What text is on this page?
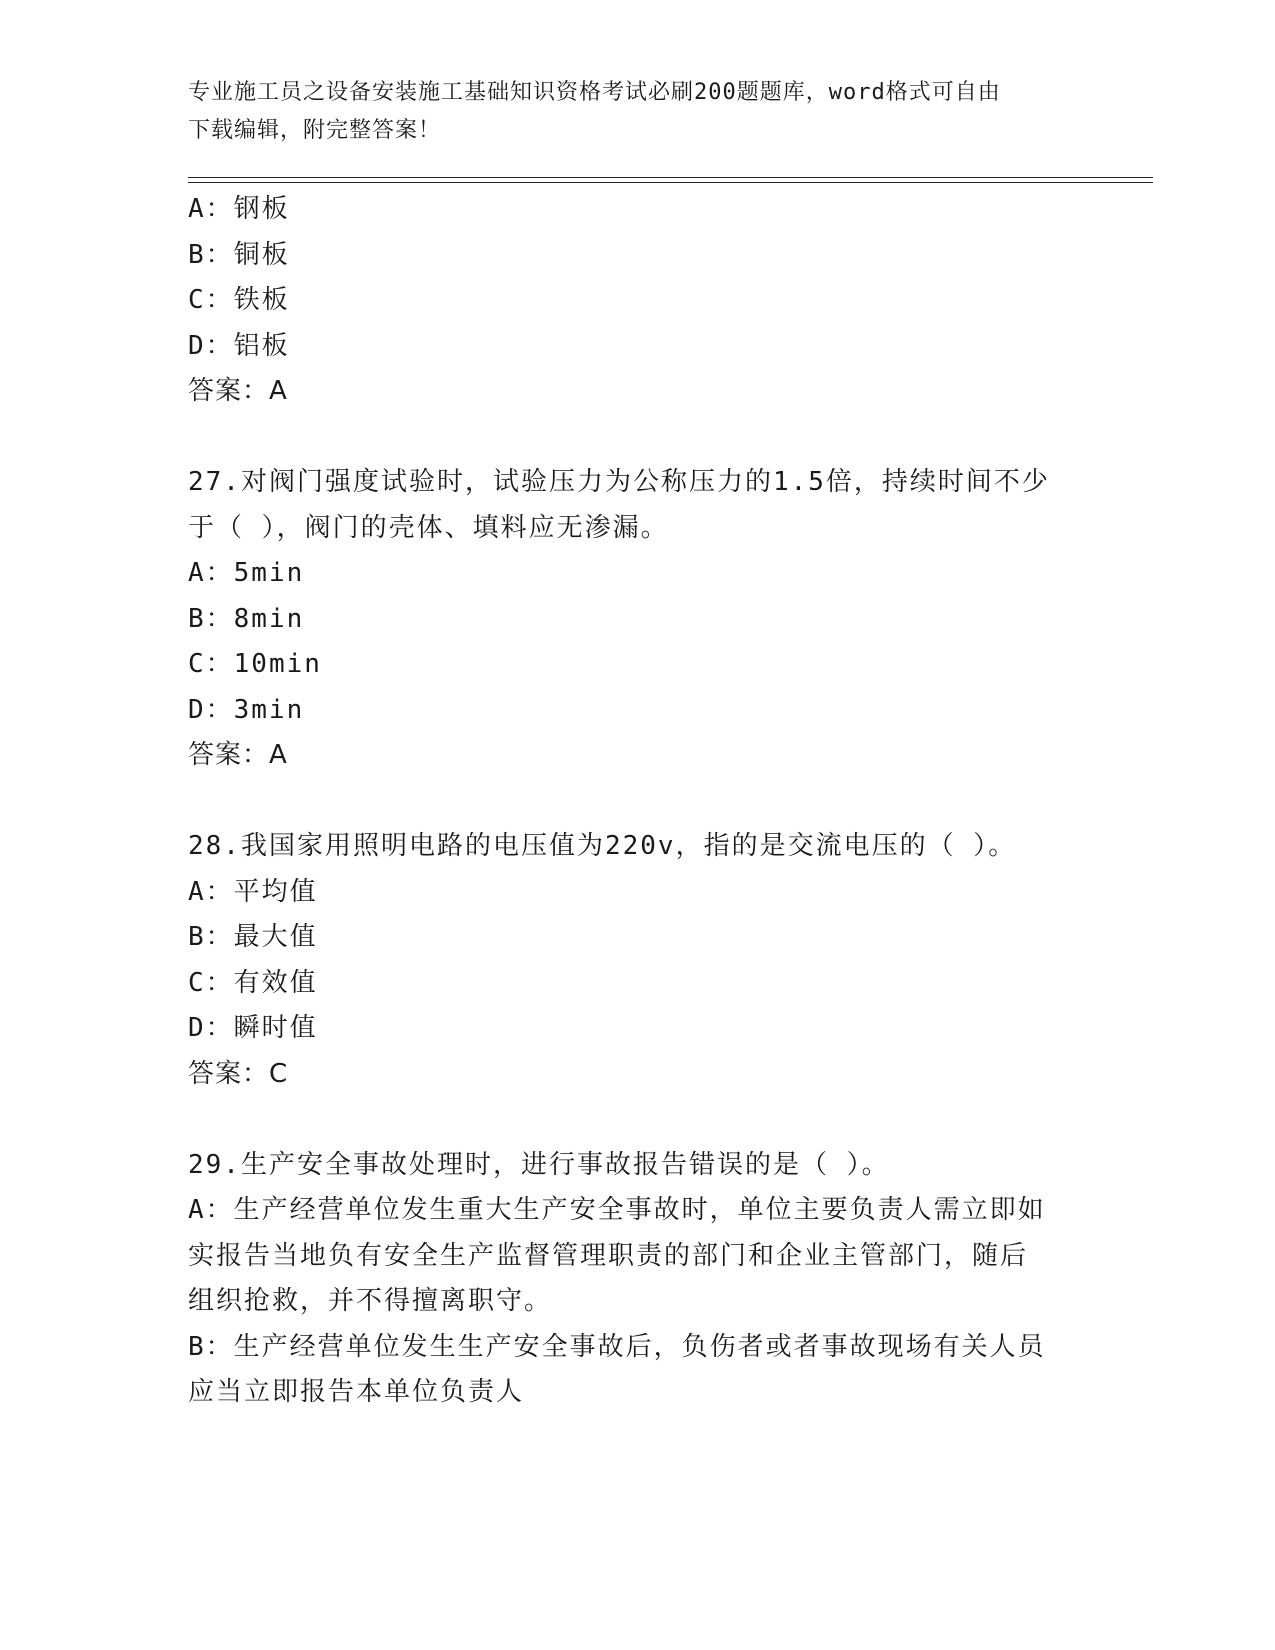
专业施工员之设备安装施工基础知识资格考试必刷200题题库，word格式可自由
下载编辑，附完整答案！
A：钢板
B：铜板
C：铁板
D：铝板
答案：A
27.对阀门强度试验时，试验压力为公称压力的1.5倍，持续时间不少
于（ ），阀门的壳体、填料应无渗漏。
A：5min
B：8min
C：10min
D：3min
答案：A
28.我国家用照明电路的电压值为220v，指的是交流电压的（ ）。
A：平均值
B：最大值
C：有效值
D：瞬时值
答案：C
29.生产安全事故处理时，进行事故报告错误的是（ ）。
A：生产经营单位发生重大生产安全事故时，单位主要负责人需立即如
实报告当地负有安全生产监督管理职责的部门和企业主管部门，随后
组织抢救，并不得擅离职守。
B：生产经营单位发生生产安全事故后，负伤者或者事故现场有关人员
应当立即报告本单位负责人
